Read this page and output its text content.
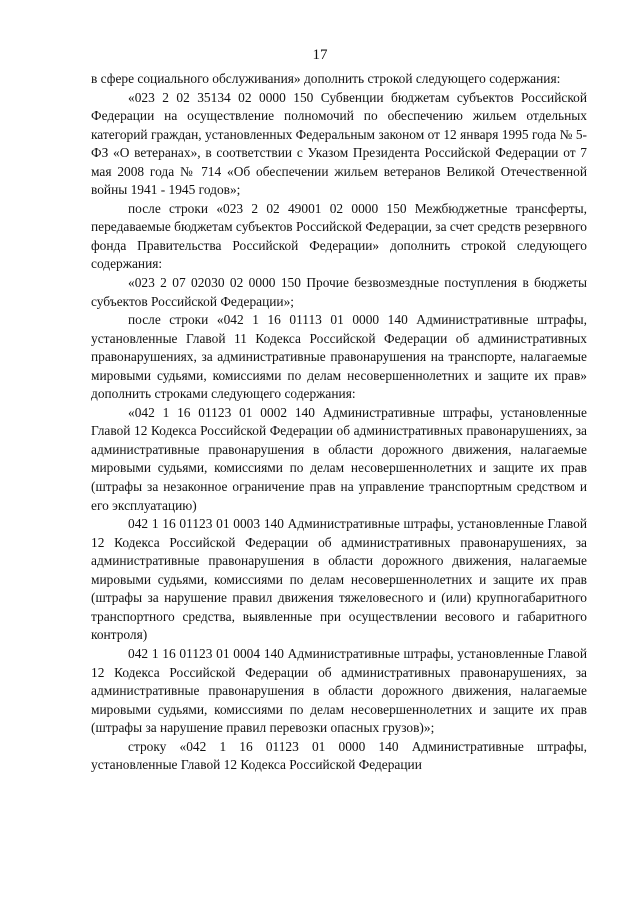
17

в сфере социального обслуживания» дополнить строкой следующего содержания:

«023 2 02 35134 02 0000 150 Субвенции бюджетам субъектов Российской Федерации на осуществление полномочий по обеспечению жильем отдельных категорий граждан, установленных Федеральным законом от 12 января 1995 года № 5-ФЗ «О ветеранах», в соответствии с Указом Президента Российской Федерации от 7 мая 2008 года № 714 «Об обеспечении жильем ветеранов Великой Отечественной войны 1941 - 1945 годов»;

после строки «023 2 02 49001 02 0000 150 Межбюджетные трансферты, передаваемые бюджетам субъектов Российской Федерации, за счет средств резервного фонда Правительства Российской Федерации» дополнить строкой следующего содержания:

«023 2 07 02030 02 0000 150 Прочие безвозмездные поступления в бюджеты субъектов Российской Федерации»;

после строки «042 1 16 01113 01 0000 140 Административные штрафы, установленные Главой 11 Кодекса Российской Федерации об административных правонарушениях, за административные правонарушения на транспорте, налагаемые мировыми судьями, комиссиями по делам несовершеннолетних и защите их прав» дополнить строками следующего содержания:

«042 1 16 01123 01 0002 140 Административные штрафы, установленные Главой 12 Кодекса Российской Федерации об административных правонарушениях, за административные правонарушения в области дорожного движения, налагаемые мировыми судьями, комиссиями по делам несовершеннолетних и защите их прав (штрафы за незаконное ограничение прав на управление транспортным средством и его эксплуатацию)

042 1 16 01123 01 0003 140 Административные штрафы, установленные Главой 12 Кодекса Российской Федерации об административных правонарушениях, за административные правонарушения в области дорожного движения, налагаемые мировыми судьями, комиссиями по делам несовершеннолетних и защите их прав (штрафы за нарушение правил движения тяжеловесного и (или) крупногабаритного транспортного средства, выявленные при осуществлении весового и габаритного контроля)

042 1 16 01123 01 0004 140 Административные штрафы, установленные Главой 12 Кодекса Российской Федерации об административных правонарушениях, за административные правонарушения в области дорожного движения, налагаемые мировыми судьями, комиссиями по делам несовершеннолетних и защите их прав (штрафы за нарушение правил перевозки опасных грузов)»;

строку «042 1 16 01123 01 0000 140 Административные штрафы, установленные Главой 12 Кодекса Российской Федерации
